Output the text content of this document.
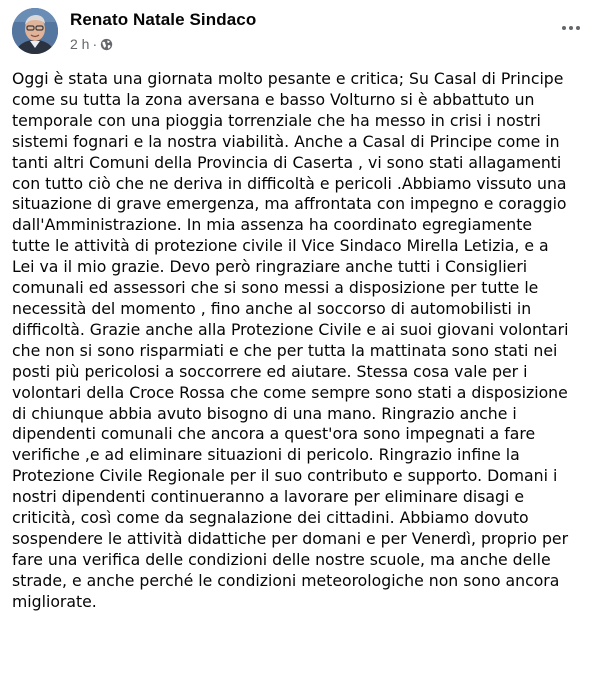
Renato Natale Sindaco
2 h ·
Oggi è stata una giornata molto pesante e critica; Su Casal di Principe
come su tutta la zona aversana e basso Volturno si è abbattuto un
temporale con una pioggia torrenziale che ha messo in crisi i nostri
sistemi fognari e la nostra viabilità. Anche a Casal di Principe come in
tanti altri Comuni della Provincia di Caserta , vi sono stati allagamenti
con tutto ciò che ne deriva in difficoltà e pericoli .Abbiamo vissuto una
situazione di grave emergenza, ma affrontata con impegno e coraggio
dall'Amministrazione. In mia assenza ha coordinato egregiamente
tutte le attività di protezione civile il Vice Sindaco Mirella Letizia, e a
Lei va il mio grazie. Devo però ringraziare anche tutti i Consiglieri
comunali ed assessori che si sono messi a disposizione per tutte le
necessità del momento , fino anche al soccorso di automobilisti in
difficoltà. Grazie anche alla Protezione Civile e ai suoi giovani volontari
che non si sono risparmiati e che per tutta la mattinata sono stati nei
posti più pericolosi a soccorrere ed aiutare. Stessa cosa vale per i
volontari della Croce Rossa che come sempre sono stati a disposizione
di chiunque abbia avuto bisogno di una mano. Ringrazio anche i
dipendenti comunali che ancora a quest'ora sono impegnati a fare
verifiche ,e ad eliminare situazioni di pericolo. Ringrazio infine la
Protezione Civile Regionale per il suo contributo e supporto. Domani i
nostri dipendenti continueranno a lavorare per eliminare disagi e
criticità, così come da segnalazione dei cittadini. Abbiamo dovuto
sospendere le attività didattiche per domani e per Venerdì, proprio per
fare una verifica delle condizioni delle nostre scuole, ma anche delle
strade, e anche perché le condizioni meteorologiche non sono ancora
migliorate.
